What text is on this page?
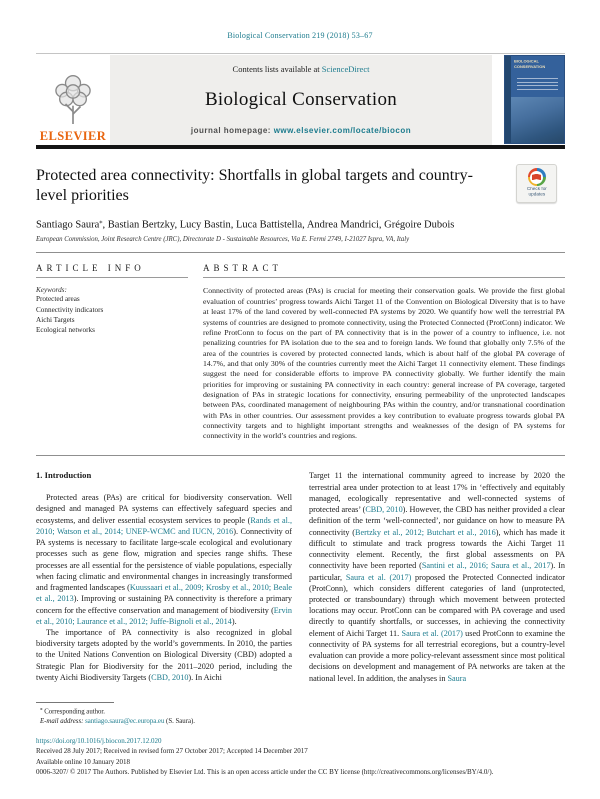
Biological Conservation 219 (2018) 53–67
ELSEVIER
Contents lists available at ScienceDirect
Biological Conservation
journal homepage: www.elsevier.com/locate/biocon
BIOLOGICAL
CONSERVATION
Protected area connectivity: Shortfalls in global targets and country-level priorities	Check for
updates
Santiago Saura⁎, Bastian Bertzky, Lucy Bastin, Luca Battistella, Andrea Mandrici, Grégoire Dubois
European Commission, Joint Research Centre (JRC), Directorate D - Sustainable Resources, Via E. Fermi 2749, I-21027 Ispra, VA, Italy
ARTICLE INFO
Keywords:
Protected areas
Connectivity indicators
Aichi Targets
Ecological networks
ABSTRACT
Connectivity of protected areas (PAs) is crucial for meeting their conservation goals. We provide the first global evaluation of countries’ progress towards Aichi Target 11 of the Convention on Biological Diversity that is to have at least 17% of the land covered by well-connected PA systems by 2020. We quantify how well the terrestrial PA systems of countries are designed to promote connectivity, using the Protected Connected (ProtConn) indicator. We refine ProtConn to focus on the part of PA connectivity that is in the power of a country to influence, i.e. not penalizing countries for PA isolation due to the sea and to foreign lands. We found that globally only 7.5% of the area of the countries is covered by protected connected lands, which is about half of the global PA coverage of 14.7%, and that only 30% of the countries currently meet the Aichi Target 11 connectivity element. These findings suggest the need for considerable efforts to improve PA connectivity globally. We further identify the main priorities for improving or sustaining PA connectivity in each country: general increase of PA coverage, targeted designation of PAs in strategic locations for connectivity, ensuring permeability of the unprotected landscapes between PAs, coordinated management of neighbouring PAs within the country, and/or transnational coordination with PAs in other countries. Our assessment provides a key contribution to evaluate progress towards global PA connectivity targets and to highlight important strengths and weaknesses of the design of PA systems for connectivity in the world’s countries and regions.
1. Introduction

Protected areas (PAs) are critical for biodiversity conservation. Well designed and managed PA systems can effectively safeguard species and ecosystems, and deliver essential ecosystem services to people (Rands et al., 2010; Watson et al., 2014; UNEP-WCMC and IUCN, 2016). Connectivity of PA systems is necessary to facilitate large-scale ecological and evolutionary processes such as gene flow, migration and species range shifts. These processes are all essential for the persistence of viable populations, especially when facing climatic and environmental changes in increasingly transformed and fragmented landscapes (Kuussaari et al., 2009; Krosby et al., 2010; Beale et al., 2013). Improving or sustaining PA connectivity is therefore a primary concern for the effective conservation and management of biodiversity (Ervin et al., 2010; Laurance et al., 2012; Juffe-Bignoli et al., 2014).

The importance of PA connectivity is also recognized in global biodiversity targets adopted by the world’s governments. In 2010, the parties to the United Nations Convention on Biological Diversity (CBD) adopted a Strategic Plan for Biodiversity for the 2011–2020 period, including the twenty Aichi Biodiversity Targets (CBD, 2010). In Aichi

⁎ Corresponding author.
E-mail address: santiago.saura@ec.europa.eu (S. Saura).

Target 11 the international community agreed to increase by 2020 the terrestrial area under protection to at least 17% in ‘effectively and equitably managed, ecologically representative and well-connected systems of protected areas’ (CBD, 2010). However, the CBD has neither provided a clear definition of the term ‘well-connected’, nor guidance on how to measure PA connectivity (Bertzky et al., 2012; Butchart et al., 2016), which has made it difficult to stimulate and track progress towards the Aichi Target 11 connectivity element. Recently, the first global assessments on PA connectivity have been reported (Santini et al., 2016; Saura et al., 2017). In particular, Saura et al. (2017) proposed the Protected Connected indicator (ProtConn), which considers different categories of land (unprotected, protected or transboundary) through which movement between protected locations may occur. ProtConn can be compared with PA coverage and used directly to quantify shortfalls, or successes, in achieving the connectivity element of Aichi Target 11. Saura et al. (2017) used ProtConn to examine the connectivity of PA systems for all terrestrial ecoregions, but a country-level evaluation can provide a more policy-relevant assessment since most political decisions on development and management of PA networks are taken at the national level. In addition, the analyses in Saura

https://doi.org/10.1016/j.biocon.2017.12.020
Received 28 July 2017; Received in revised form 27 October 2017; Accepted 14 December 2017
Available online 10 January 2018
0006-3207/ © 2017 The Authors. Published by Elsevier Ltd. This is an open access article under the CC BY license (http://creativecommons.org/licenses/BY/4.0/).
